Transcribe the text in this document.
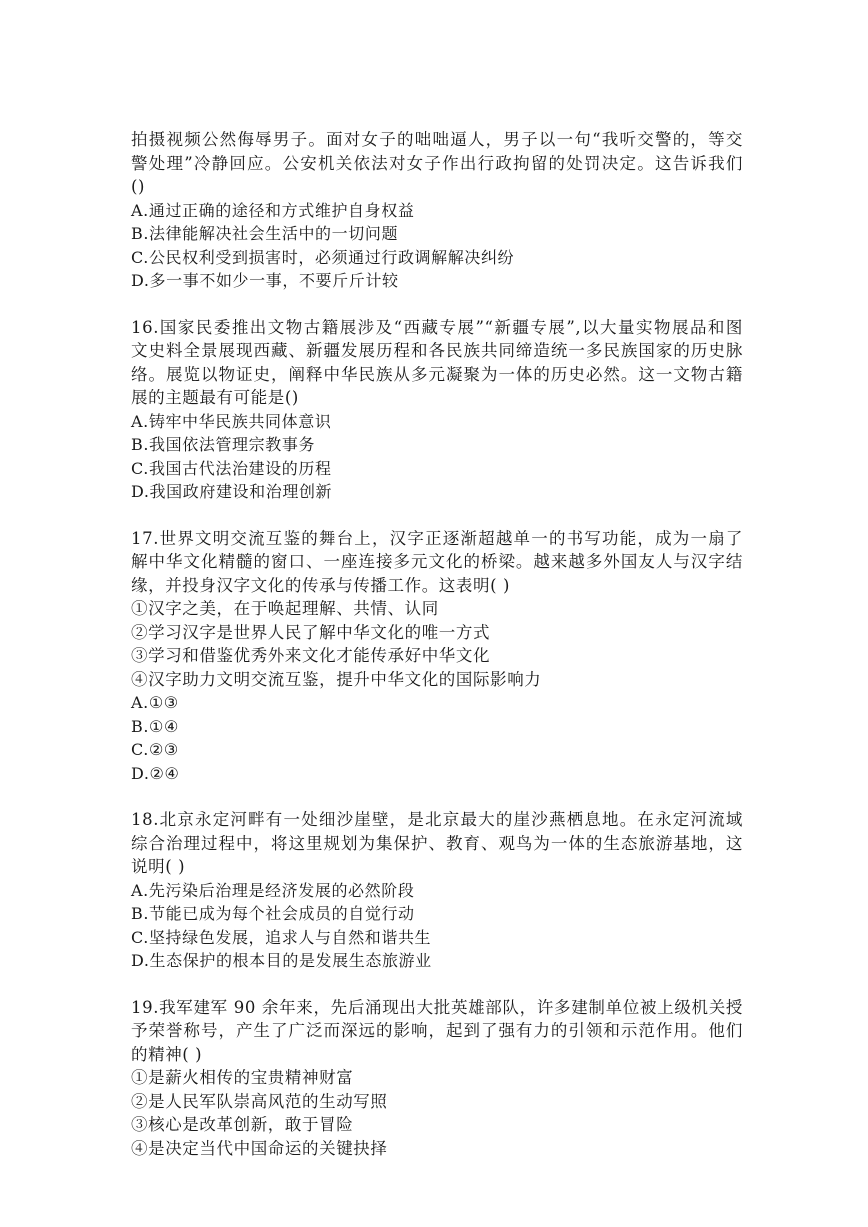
拍摄视频公然侮辱男子。面对女子的咄咄逼人，男子以一句“我听交警的，等交
警处理”冷静回应。公安机关依法对女子作出行政拘留的处罚决定。这告诉我们
()
A.通过正确的途径和方式维护自身权益
B.法律能解决社会生活中的一切问题
C.公民权利受到损害时，必须通过行政调解解决纠纷
D.多一事不如少一事，不要斤斤计较
16.国家民委推出文物古籍展涉及“西藏专展”“新疆专展”,以大量实物展品和图
文史料全景展现西藏、新疆发展历程和各民族共同缔造统一多民族国家的历史脉
络。展览以物证史，阐释中华民族从多元凝聚为一体的历史必然。这一文物古籍
展的主题最有可能是()
A.铸牢中华民族共同体意识
B.我国依法管理宗教事务
C.我国古代法治建设的历程
D.我国政府建设和治理创新
17.世界文明交流互鉴的舞台上，汉字正逐渐超越单一的书写功能，成为一扇了
解中华文化精髓的窗口、一座连接多元文化的桥梁。越来越多外国友人与汉字结
缘，并投身汉字文化的传承与传播工作。这表明( )
①汉字之美，在于唤起理解、共情、认同
②学习汉字是世界人民了解中华文化的唯一方式
③学习和借鉴优秀外来文化才能传承好中华文化
④汉字助力文明交流互鉴，提升中华文化的国际影响力
A.①③
B.①④
C.②③
D.②④
18.北京永定河畔有一处细沙崖壁，是北京最大的崖沙燕栖息地。在永定河流域
综合治理过程中，将这里规划为集保护、教育、观鸟为一体的生态旅游基地，这
说明( )
A.先污染后治理是经济发展的必然阶段
B.节能已成为每个社会成员的自觉行动
C.坚持绿色发展，追求人与自然和谐共生
D.生态保护的根本目的是发展生态旅游业
19.我军建军 90 余年来，先后涌现出大批英雄部队，许多建制单位被上级机关授
予荣誉称号，产生了广泛而深远的影响，起到了强有力的引领和示范作用。他们
的精神( )
①是薪火相传的宝贵精神财富
②是人民军队崇高风范的生动写照
③核心是改革创新，敢于冒险
④是决定当代中国命运的关键抉择
